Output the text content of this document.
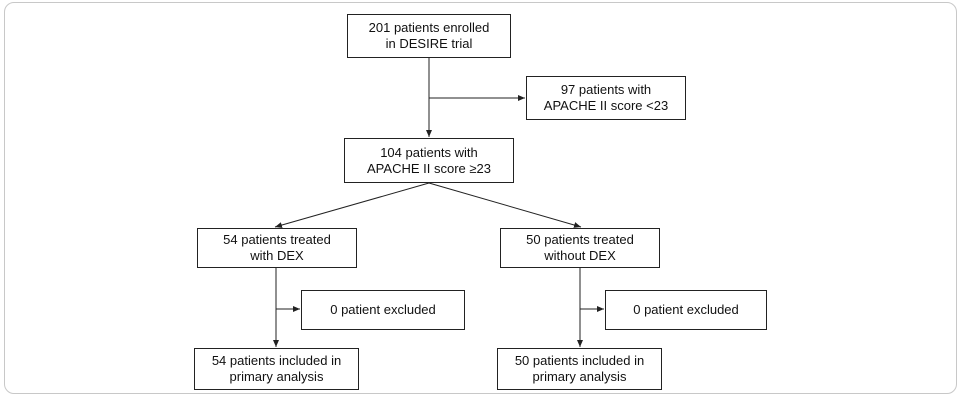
201 patients enrolled
in DESIRE trial
97 patients with
APACHE II score <23
104 patients with
APACHE II score ≥23
54 patients treated
with DEX
50 patients treated
without DEX
0 patient excluded	0 patient excluded
54 patients included in
primary analysis
50 patients included in
primary analysis
